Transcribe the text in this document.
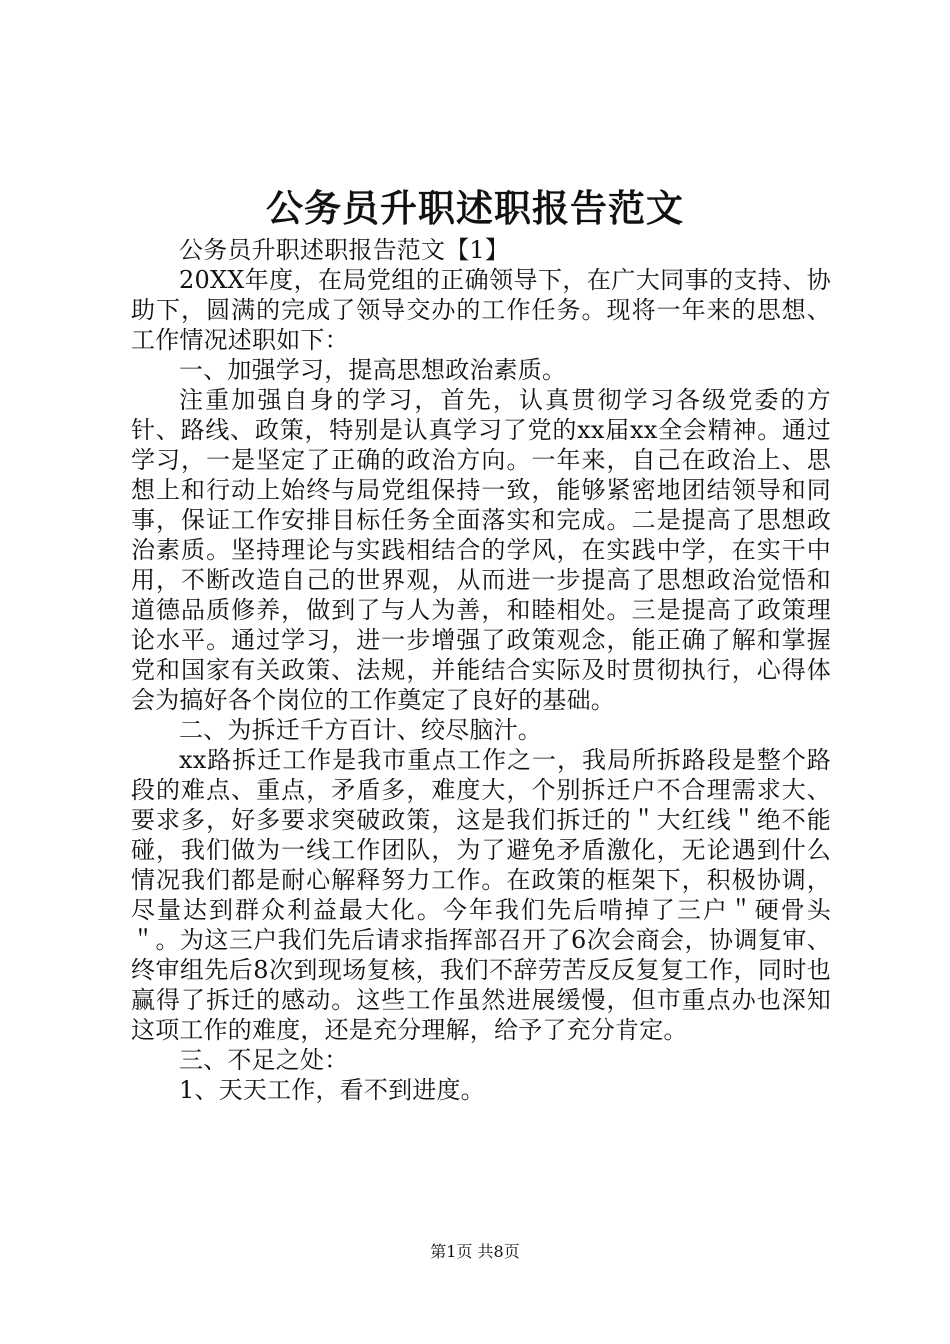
公务员升职述职报告范文

公务员升职述职报告范文【1】

20XX年度，在局党组的正确领导下，在广大同事的支持、协助下，圆满的完成了领导交办的工作任务。现将一年来的思想、工作情况述职如下：

一、加强学习，提高思想政治素质。

注重加强自身的学习，首先，认真贯彻学习各级党委的方针、路线、政策，特别是认真学习了党的xx届xx全会精神。通过学习，一是坚定了正确的政治方向。一年来，自己在政治上、思想上和行动上始终与局党组保持一致，能够紧密地团结领导和同事，保证工作安排目标任务全面落实和完成。二是提高了思想政治素质。坚持理论与实践相结合的学风，在实践中学，在实干中用，不断改造自己的世界观，从而进一步提高了思想政治觉悟和道德品质修养，做到了与人为善，和睦相处。三是提高了政策理论水平。通过学习，进一步增强了政策观念，能正确了解和掌握党和国家有关政策、法规，并能结合实际及时贯彻执行，心得体会为搞好各个岗位的工作奠定了良好的基础。

二、为拆迁千方百计、绞尽脑汁。

xx路拆迁工作是我市重点工作之一，我局所拆路段是整个路段的难点、重点，矛盾多，难度大，个别拆迁户不合理需求大、要求多，好多要求突破政策，这是我们拆迁的＂大红线＂绝不能碰，我们做为一线工作团队，为了避免矛盾激化，无论遇到什么情况我们都是耐心解释努力工作。在政策的框架下，积极协调，尽量达到群众利益最大化。今年我们先后啃掉了三户＂硬骨头＂。为这三户我们先后请求指挥部召开了6次会商会，协调复审、终审组先后8次到现场复核，我们不辞劳苦反反复复工作，同时也赢得了拆迁的感动。这些工作虽然进展缓慢，但市重点办也深知这项工作的难度，还是充分理解，给予了充分肯定。

三、不足之处：

1、天天工作，看不到进度。

第1页 共8页
